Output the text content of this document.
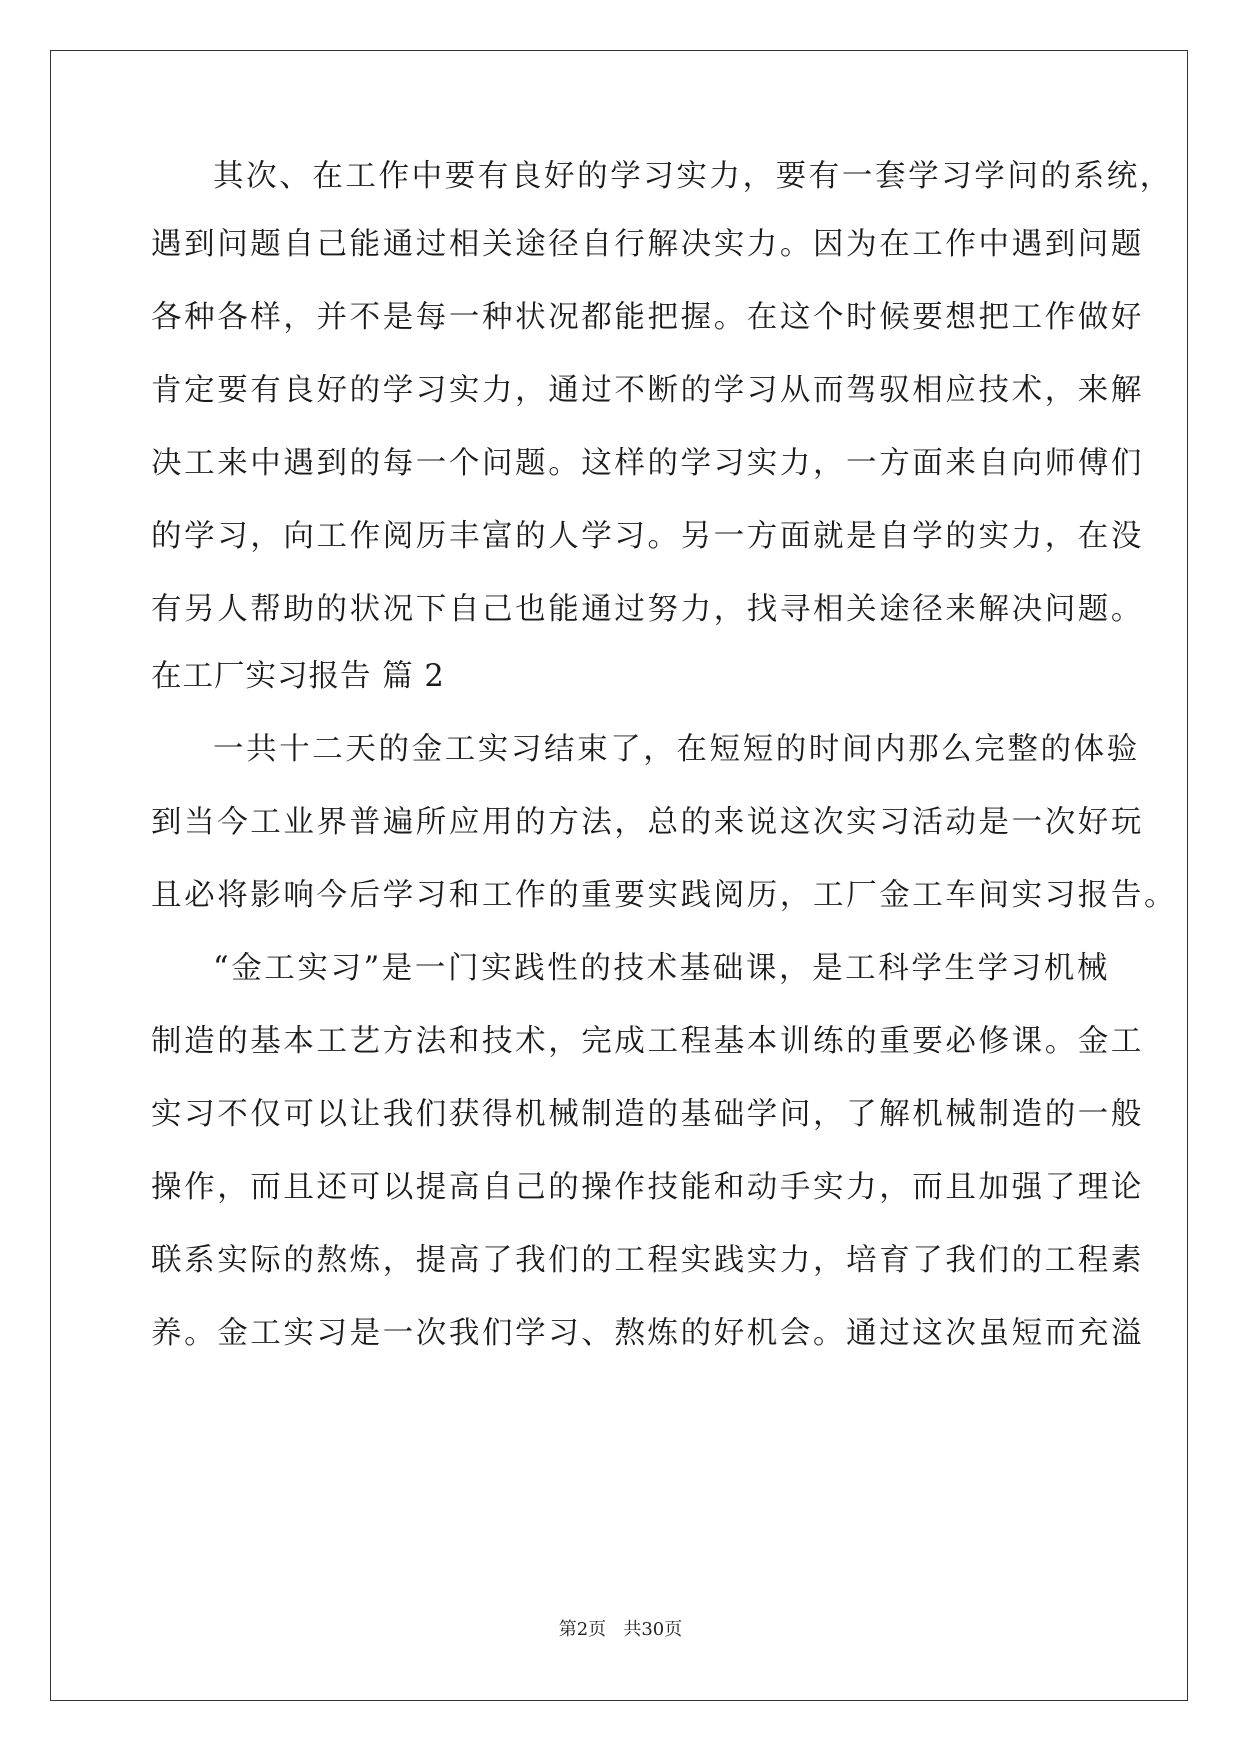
其次、在工作中要有良好的学习实力，要有一套学习学问的系统，
遇到问题自己能通过相关途径自行解决实力。因为在工作中遇到问题
各种各样，并不是每一种状况都能把握。在这个时候要想把工作做好
肯定要有良好的学习实力，通过不断的学习从而驾驭相应技术，来解
决工来中遇到的每一个问题。这样的学习实力，一方面来自向师傅们
的学习，向工作阅历丰富的人学习。另一方面就是自学的实力，在没
有另人帮助的状况下自己也能通过努力，找寻相关途径来解决问题。
在工厂实习报告 篇 2
一共十二天的金工实习结束了，在短短的时间内那么完整的体验
到当今工业界普遍所应用的方法，总的来说这次实习活动是一次好玩
且必将影响今后学习和工作的重要实践阅历，工厂金工车间实习报告。
“金工实习”是一门实践性的技术基础课，是工科学生学习机械
制造的基本工艺方法和技术，完成工程基本训练的重要必修课。金工
实习不仅可以让我们获得机械制造的基础学问，了解机械制造的一般
操作，而且还可以提高自己的操作技能和动手实力，而且加强了理论
联系实际的熬炼，提高了我们的工程实践实力，培育了我们的工程素
养。金工实习是一次我们学习、熬炼的好机会。通过这次虽短而充溢
第2页   共30页
